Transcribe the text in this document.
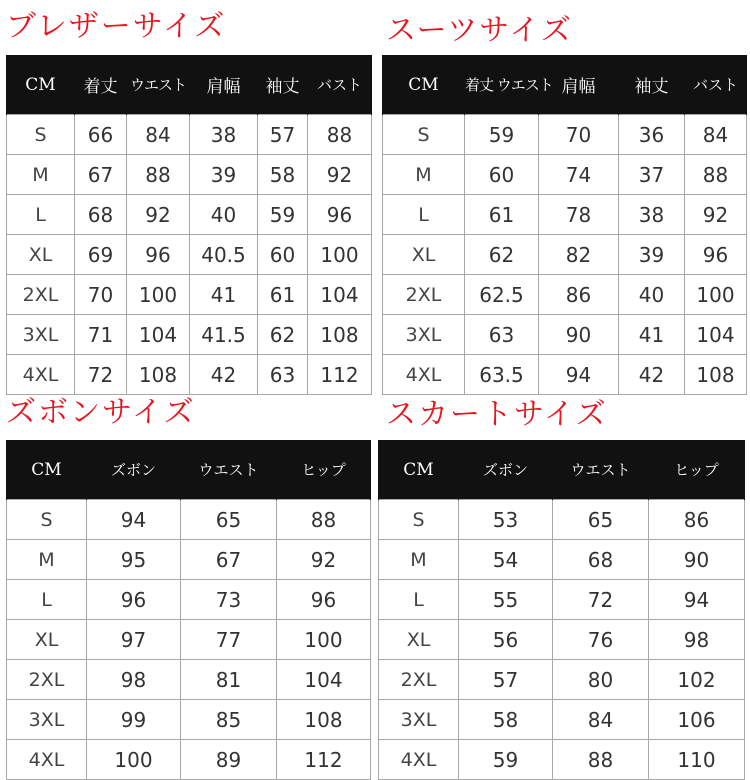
ブレザーサイズ
CM	着丈	ウエスト	肩幅	袖丈	バスト
S	66	84	38	57	88
M	67	88	39	58	92
L	68	92	40	59	96
XL	69	96	40.5	60	100
2XL	70	100	41	61	104
3XL	71	104	41.5	62	108
4XL	72	108	42	63	112
スーツサイズ
CM	着丈 ウエスト	肩幅	袖丈	バスト
S	59	70	36	84
M	60	74	37	88
L	61	78	38	92
XL	62	82	39	96
2XL	62.5	86	40	100
3XL	63	90	41	104
4XL	63.5	94	42	108
ズボンサイズ
CM	ズボン	ウエスト	ヒップ
S	94	65	88
M	95	67	92
L	96	73	96
XL	97	77	100
2XL	98	81	104
3XL	99	85	108
4XL	100	89	112
スカートサイズ
CM	ズボン	ウエスト	ヒップ
S	53	65	86
M	54	68	90
L	55	72	94
XL	56	76	98
2XL	57	80	102
3XL	58	84	106
4XL	59	88	110
